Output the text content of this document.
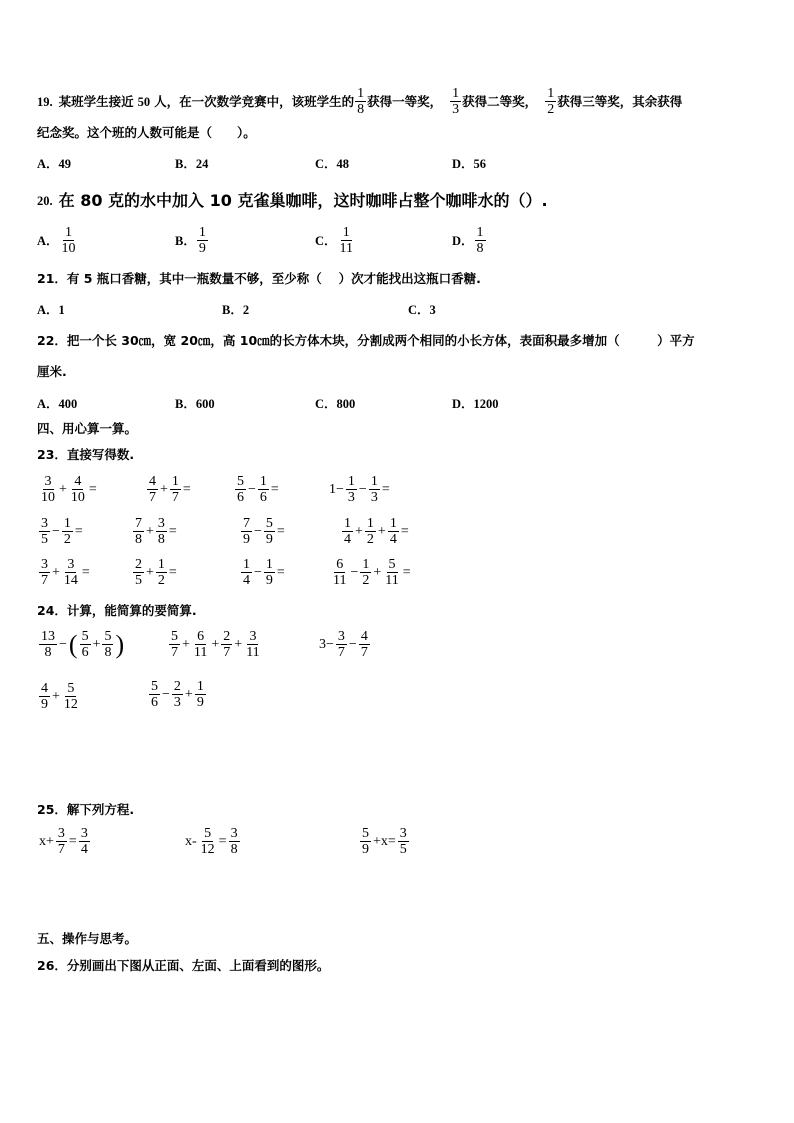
19. 某班学生接近 50 人，在一次数学竞赛中，该班学生的 $\frac{1}{8}$ 获得一等奖， $\frac{1}{3}$ 获得二等奖， $\frac{1}{2}$ 获得三等奖，其余获得
纪念奖。这个班的人数可能是（　　）。
A．49	B．24	C．48	D．56
20. 在 80 克的水中加入 10 克雀巢咖啡，这时咖啡占整个咖啡水的（）.
A． $\frac{1}{10}$	B． $\frac{1}{9}$	C． $\frac{1}{11}$	D． $\frac{1}{8}$
21．有 5 瓶口香糖，其中一瓶数量不够，至少称（　 ）次才能找出这瓶口香糖.
A．1	B．2	C．3
22．把一个长 30㎝，宽 20㎝，高 10㎝的长方体木块，分割成两个相同的小长方体，表面积最多增加（　　　）平方
厘米.
A．400	B．600	C．800	D．1200
四、用心算一算。
23．直接写得数.
$\frac{3}{10} + \frac{4}{10}$ =	$\frac{4}{7} + \frac{1}{7}$ =	$\frac{5}{6} - \frac{1}{6}$ =	$1- \frac{1}{3} - \frac{1}{3}$ =
$\frac{3}{5} - \frac{1}{2}$ =	$\frac{7}{8} + \frac{3}{8}$ =	$\frac{7}{9} - \frac{5}{9}$ =	$\frac{1}{4} + \frac{1}{2} + \frac{1}{4}$ =
$\frac{3}{7} + \frac{3}{14}$ =	$\frac{2}{5} + \frac{1}{2}$ =	$\frac{1}{4} - \frac{1}{9}$ =	$\frac{6}{11} - \frac{1}{2} + \frac{5}{11}$ =
24．计算，能简算的要简算.
$\frac{13}{8}$ − ( $\frac{5}{6} + \frac{5}{8}$ )	$\frac{5}{7} + \frac{6}{11} + \frac{2}{7} + \frac{3}{11}$	$3- \frac{3}{7} - \frac{4}{7}$
$\frac{4}{9} + \frac{5}{12}$	$\frac{5}{6} - \frac{2}{3} + \frac{1}{9}$
25．解下列方程.
$x+ \frac{3}{7} = \frac{3}{4}$	$x- \frac{5}{12} = \frac{3}{8}$	$\frac{5}{9} +x= \frac{3}{5}$
五、操作与思考。
26．分别画出下图从正面、左面、上面看到的图形。
